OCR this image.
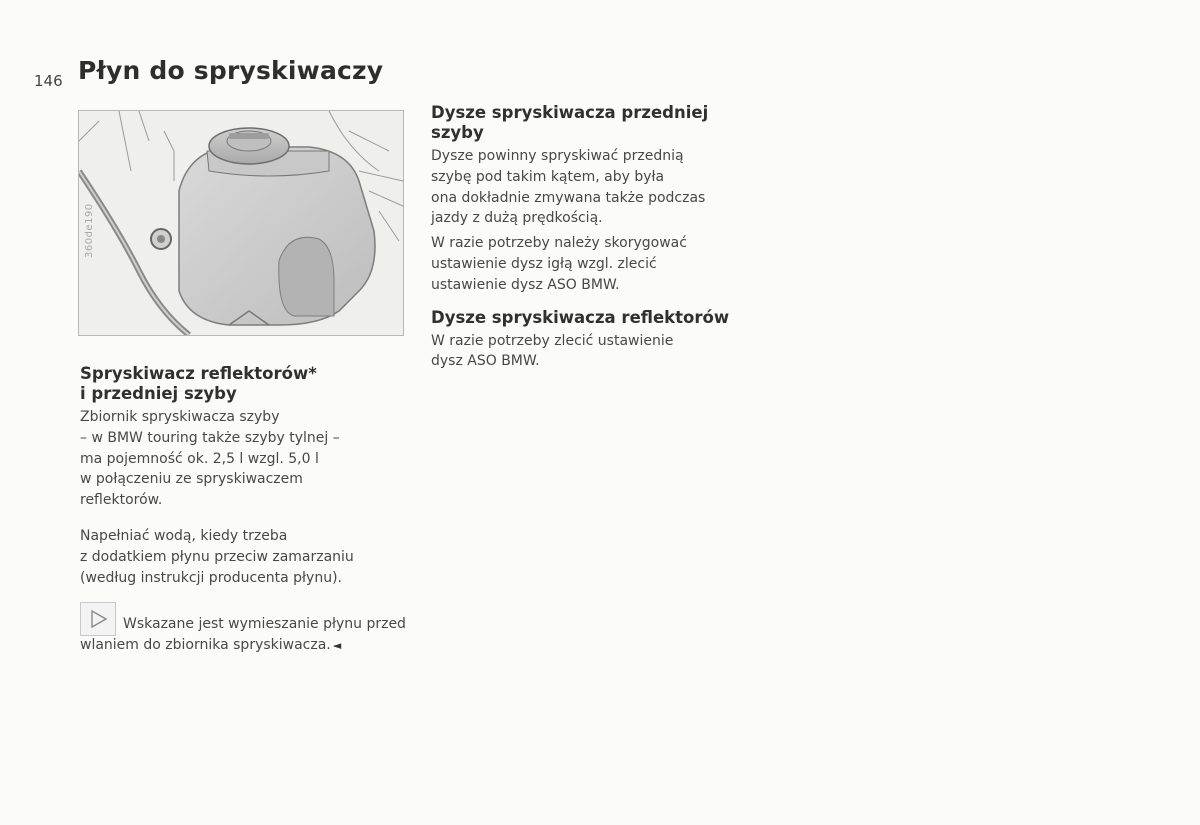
146 Płyn do spryskiwaczy
360de190
Spryskiwacz reflektorów*
i przedniej szyby

Zbiornik spryskiwacza szyby
– w BMW touring także szyby tylnej –
ma pojemność ok. 2,5 l wzgl. 5,0 l
w połączeniu ze spryskiwaczem
reflektorów.

Napełniać wodą, kiedy trzeba
z dodatkiem płynu przeciw zamarzaniu
(według instrukcji producenta płynu).

Wskazane jest wymieszanie płynu przed wlaniem do zbiornika spryskiwacza. ◄

Dysze spryskiwacza przedniej
szyby

Dysze powinny spryskiwać przednią
szybę pod takim kątem, aby była
ona dokładnie zmywana także podczas
jazdy z dużą prędkością.

W razie potrzeby należy skorygować
ustawienie dysz igłą wzgl. zlecić
ustawienie dysz ASO BMW.

Dysze spryskiwacza reflektorów

W razie potrzeby zlecić ustawienie
dysz ASO BMW.
